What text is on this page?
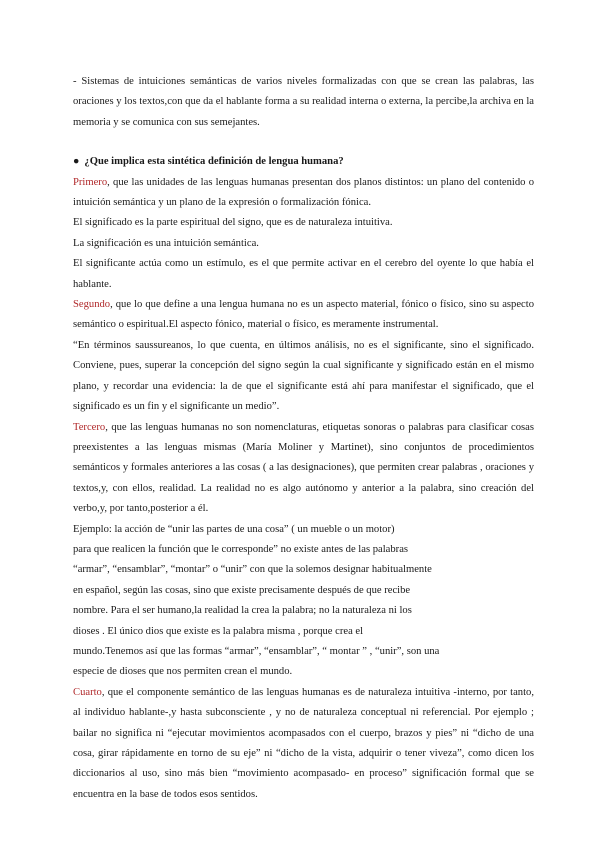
- Sistemas de intuiciones semánticas de varios niveles formalizadas con que se crean las palabras, las oraciones y los textos,con que da el hablante forma a su realidad interna o externa, la percibe,la archiva en la memoria y se comunica con sus semejantes.

● ¿Que implica esta sintética definición de lengua humana?

Primero, que las unidades de las lenguas humanas presentan dos planos distintos: un plano del contenido o intuición semántica y un plano de la expresión o formalización fónica.

El significado es la parte espiritual del signo, que es de naturaleza intuitiva.

La significación es una intuición semántica.

El significante actúa como un estímulo, es el que permite activar en el cerebro del oyente lo que había el hablante.

Segundo, que lo que define a una lengua humana no es un aspecto material, fónico o físico, sino su aspecto semántico o espiritual.El aspecto fónico, material o físico, es meramente instrumental.

“En términos saussureanos, lo que cuenta, en últimos análisis, no es el significante, sino el significado. Conviene, pues, superar la concepción del signo según la cual significante y significado están en el mismo plano, y recordar una evidencia: la de que el significante está ahí para manifestar el significado, que el significado es un fin y el significante un medio”.

Tercero, que las lenguas humanas no son nomenclaturas, etiquetas sonoras o palabras para clasificar cosas preexistentes a las lenguas mismas (María Moliner y Martinet), sino conjuntos de procedimientos semánticos y formales anteriores a las cosas ( a las designaciones), que permiten crear palabras , oraciones y textos,y, con ellos, realidad. La realidad no es algo autónomo y anterior a la palabra, sino creación del verbo,y, por tanto,posterior a él.

Ejemplo: la acción de “unir las partes de una cosa” ( un mueble o un motor)

para que realicen la función que le corresponde” no existe antes de las palabras

“armar”, “ensamblar”, “montar” o “unir” con que la solemos designar habitualmente

en español, según las cosas, sino que existe precisamente después de que recibe

nombre. Para el ser humano,la realidad la crea la palabra; no la naturaleza ni los

dioses . El único dios que existe es la palabra misma , porque crea el

mundo.Tenemos así que las formas “armar”, “ensamblar”, “ montar ” , “unir”, son una

especie de dioses que nos permiten crean el mundo.

Cuarto, que el componente semántico de las lenguas humanas es de naturaleza intuitiva -interno, por tanto, al individuo hablante-,y hasta subconsciente , y no de naturaleza conceptual ni referencial. Por ejemplo ; bailar no significa ni “ejecutar movimientos acompasados con el cuerpo, brazos y pies” ni “dicho de una cosa, girar rápidamente en torno de su eje” ni “dicho de la vista, adquirir o tener viveza”, como dicen los diccionarios al uso, sino más bien “movimiento acompasado- en proceso” significación formal que se encuentra en la base de todos esos sentidos.
